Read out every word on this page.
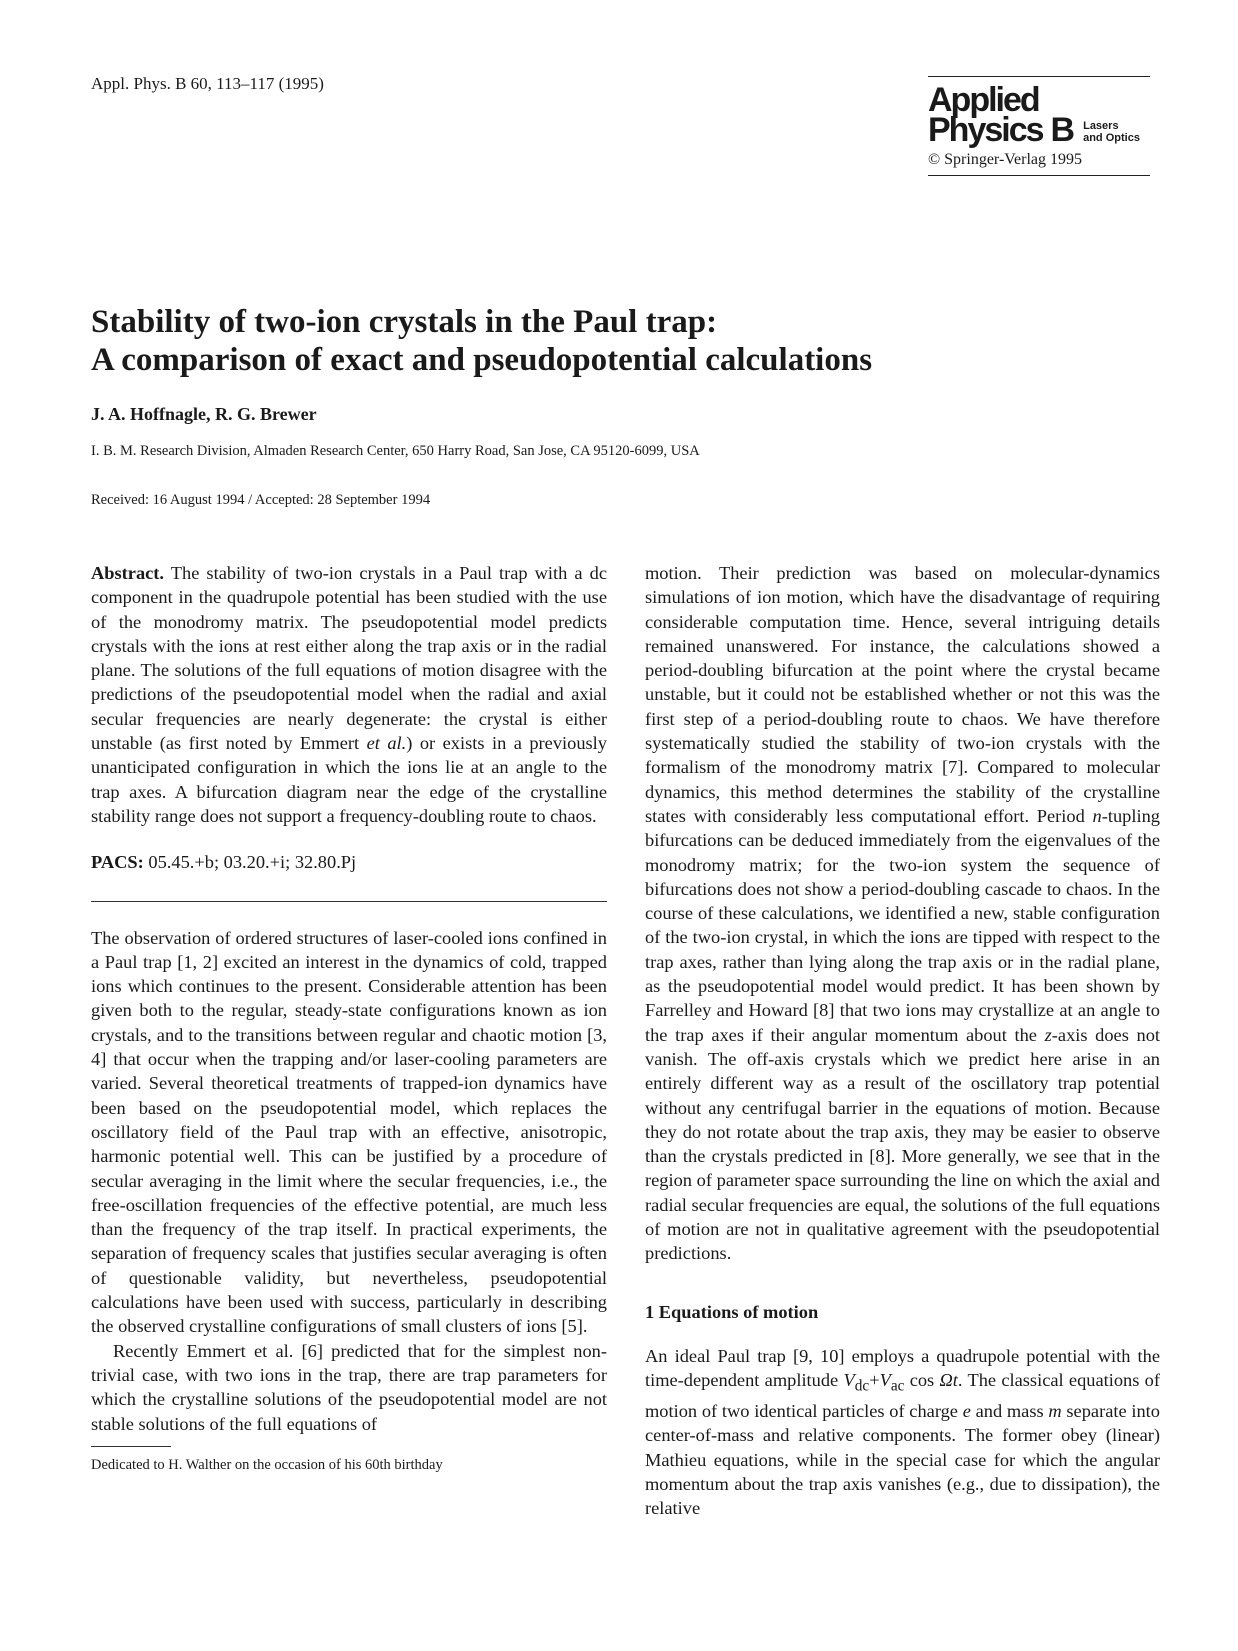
Appl. Phys. B 60, 113–117 (1995)	Applied
Physics B Lasers
and Optics
© Springer-Verlag 1995
Stability of two-ion crystals in the Paul trap:
A comparison of exact and pseudopotential calculations
J. A. Hoffnagle, R. G. Brewer
I. B. M. Research Division, Almaden Research Center, 650 Harry Road, San Jose, CA 95120-6099, USA
Received: 16 August 1994 / Accepted: 28 September 1994

Abstract. The stability of two-ion crystals in a Paul trap with a dc component in the quadrupole potential has been studied with the use of the monodromy matrix. The pseudopotential model predicts crystals with the ions at rest either along the trap axis or in the radial plane. The solutions of the full equations of motion disagree with the predictions of the pseudopotential model when the radial and axial secular frequencies are nearly degenerate: the crystal is either unstable (as first noted by Emmert et al.) or exists in a previously unanticipated configuration in which the ions lie at an angle to the trap axes. A bifurcation diagram near the edge of the crystalline stability range does not support a frequency-doubling route to chaos.

PACS: 05.45.+b; 03.20.+i; 32.80.Pj

The observation of ordered structures of laser-cooled ions confined in a Paul trap [1, 2] excited an interest in the dynamics of cold, trapped ions which continues to the present. Considerable attention has been given both to the regular, steady-state configurations known as ion crystals, and to the transitions between regular and chaotic motion [3, 4] that occur when the trapping and/or laser-cooling parameters are varied. Several theoretical treatments of trapped-ion dynamics have been based on the pseudopotential model, which replaces the oscillatory field of the Paul trap with an effective, anisotropic, harmonic potential well. This can be justified by a procedure of secular averaging in the limit where the secular frequencies, i.e., the free-oscillation frequencies of the effective potential, are much less than the frequency of the trap itself. In practical experiments, the separation of frequency scales that justifies secular averaging is often of questionable validity, but nevertheless, pseudopotential calculations have been used with success, particularly in describing the observed crystalline configurations of small clusters of ions [5].

Recently Emmert et al. [6] predicted that for the simplest non-trivial case, with two ions in the trap, there are trap parameters for which the crystalline solutions of the pseudopotential model are not stable solutions of the full equations of

Dedicated to H. Walther on the occasion of his 60th birthday

motion. Their prediction was based on molecular-dynamics simulations of ion motion, which have the disadvantage of requiring considerable computation time. Hence, several intriguing details remained unanswered. For instance, the calculations showed a period-doubling bifurcation at the point where the crystal became unstable, but it could not be established whether or not this was the first step of a period-doubling route to chaos. We have therefore systematically studied the stability of two-ion crystals with the formalism of the monodromy matrix [7]. Compared to molecular dynamics, this method determines the stability of the crystalline states with considerably less computational effort. Period n-tupling bifurcations can be deduced immediately from the eigenvalues of the monodromy matrix; for the two-ion system the sequence of bifurcations does not show a period-doubling cascade to chaos. In the course of these calculations, we identified a new, stable configuration of the two-ion crystal, in which the ions are tipped with respect to the trap axes, rather than lying along the trap axis or in the radial plane, as the pseudopotential model would predict. It has been shown by Farrelley and Howard [8] that two ions may crystallize at an angle to the trap axes if their angular momentum about the z-axis does not vanish. The off-axis crystals which we predict here arise in an entirely different way as a result of the oscillatory trap potential without any centrifugal barrier in the equations of motion. Because they do not rotate about the trap axis, they may be easier to observe than the crystals predicted in [8]. More generally, we see that in the region of parameter space surrounding the line on which the axial and radial secular frequencies are equal, the solutions of the full equations of motion are not in qualitative agreement with the pseudopotential predictions.

1 Equations of motion

An ideal Paul trap [9, 10] employs a quadrupole potential with the time-dependent amplitude $V_{dc}+V_{ac}$ cos Ωt. The classical equations of motion of two identical particles of charge e and mass m separate into center-of-mass and relative components. The former obey (linear) Mathieu equations, while in the special case for which the angular momentum about the trap axis vanishes (e.g., due to dissipation), the relative
